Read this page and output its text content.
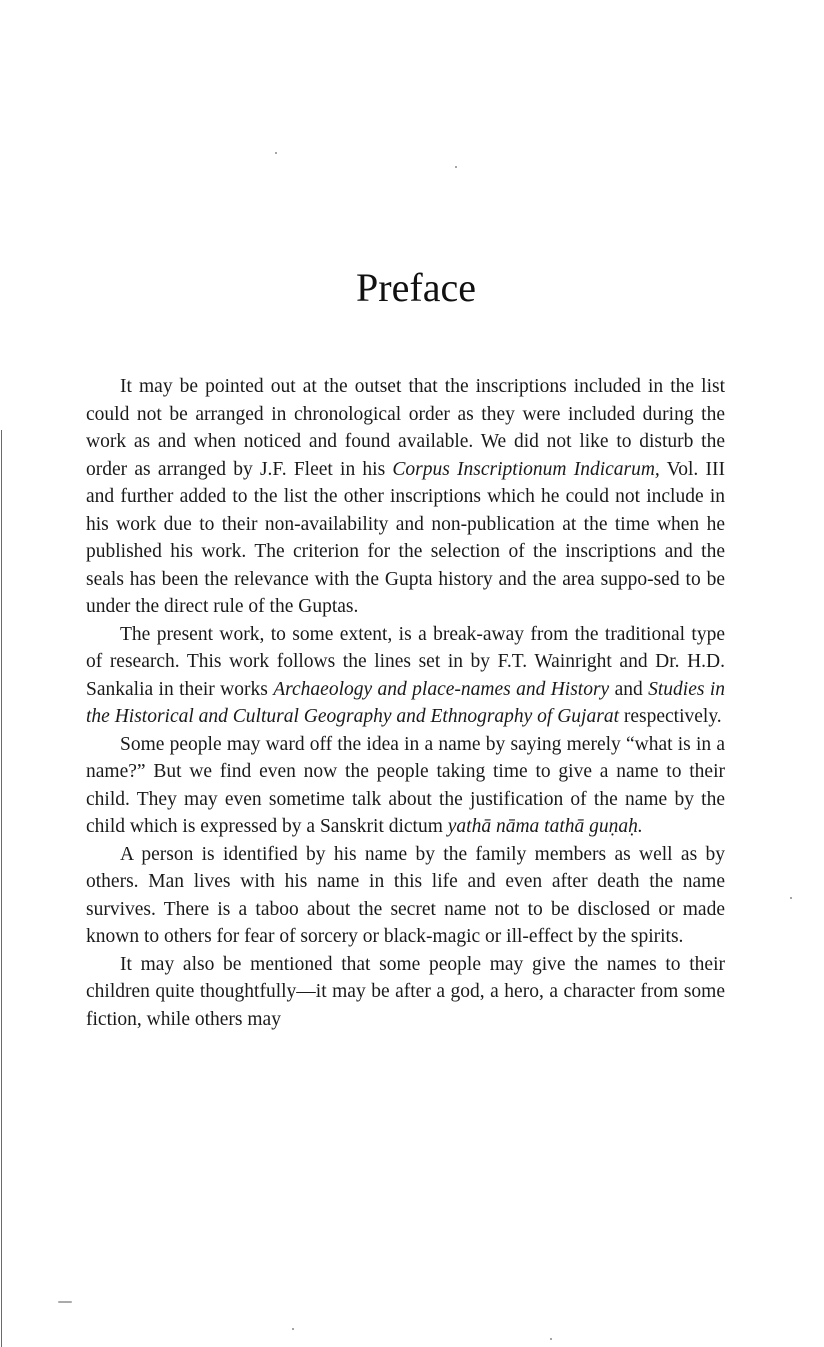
Preface

It may be pointed out at the outset that the inscriptions included in the list could not be arranged in chronological order as they were included during the work as and when noticed and found available. We did not like to disturb the order as arranged by J.F. Fleet in his Corpus Inscriptionum Indicarum, Vol. III and further added to the list the other inscriptions which he could not include in his work due to their non-availability and non-publication at the time when he published his work. The criterion for the selection of the inscriptions and the seals has been the relevance with the Gupta history and the area suppo-sed to be under the direct rule of the Guptas.

The present work, to some extent, is a break-away from the traditional type of research. This work follows the lines set in by F.T. Wainright and Dr. H.D. Sankalia in their works Archaeology and place-names and History and Studies in the Historical and Cultural Geography and Ethnography of Gujarat respectively.

Some people may ward off the idea in a name by saying merely “what is in a name?” But we find even now the people taking time to give a name to their child. They may even sometime talk about the justification of the name by the child which is expressed by a Sanskrit dictum yathā nāma tathā guṇaḥ.

A person is identified by his name by the family members as well as by others. Man lives with his name in this life and even after death the name survives. There is a taboo about the secret name not to be disclosed or made known to others for fear of sorcery or black-magic or ill-effect by the spirits.

It may also be mentioned that some people may give the names to their children quite thoughtfully—it may be after a god, a hero, a character from some fiction, while others may
